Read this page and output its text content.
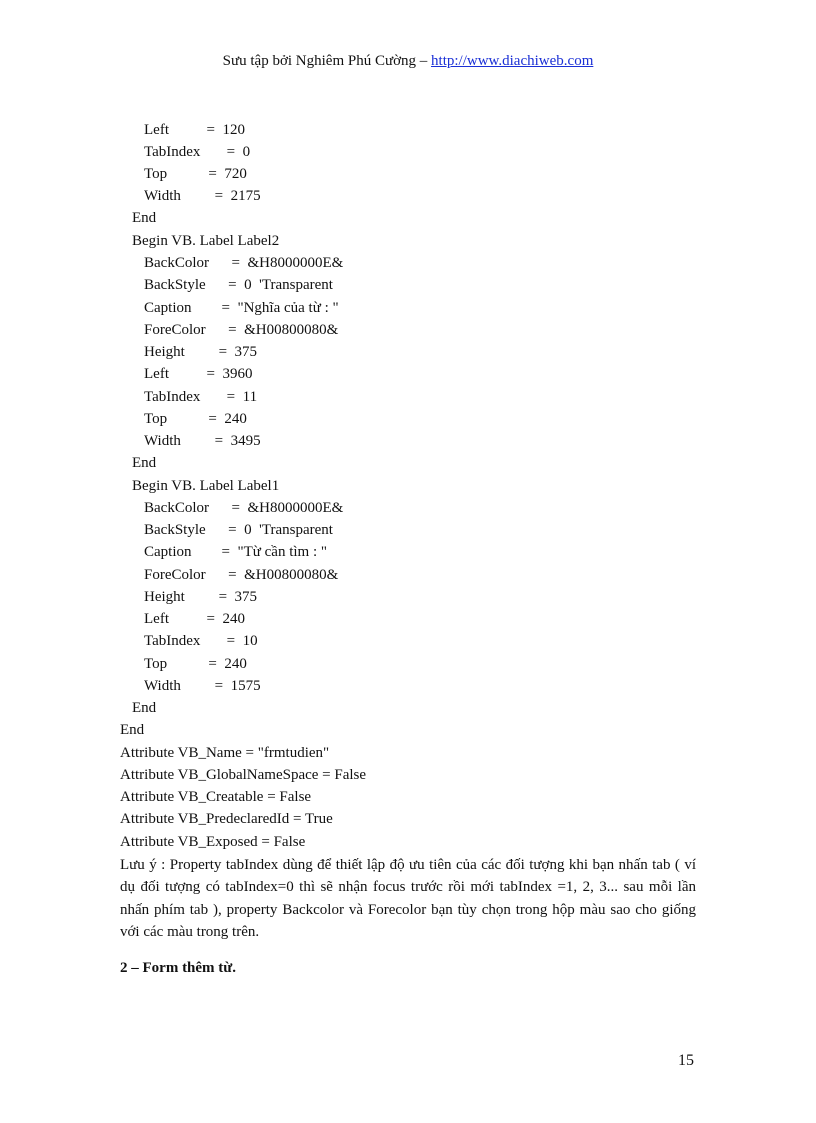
Sưu tập bởi Nghiêm Phú Cường – http://www.diachiweb.com
Left          =  120
TabIndex       =  0
Top           =  720
Width         =  2175
End
Begin VB. Label Label2
BackColor      =  &H8000000E&
BackStyle      =  0  'Transparent
Caption        =  "Nghĩa của từ : "
ForeColor      =  &H00800080&
Height         =  375
Left          =  3960
TabIndex       =  11
Top           =  240
Width         =  3495
End
Begin VB. Label Label1
BackColor      =  &H8000000E&
BackStyle      =  0  'Transparent
Caption        =  "Từ cần tìm : "
ForeColor      =  &H00800080&
Height         =  375
Left          =  240
TabIndex       =  10
Top           =  240
Width         =  1575
End
End
Attribute VB_Name = "frmtudien"
Attribute VB_GlobalNameSpace = False
Attribute VB_Creatable = False
Attribute VB_PredeclaredId = True
Attribute VB_Exposed = False
Lưu ý : Property tabIndex dùng để thiết lập độ ưu tiên của các đối tượng khi bạn nhấn tab ( ví dụ đối tượng có tabIndex=0 thì sẽ nhận focus trước rồi mới tabIndex =1, 2, 3... sau mỗi lần nhấn phím tab ), property Backcolor và Forecolor bạn tùy chọn trong hộp màu sao cho giống với các màu trong trên.
2 – Form thêm từ.
15
